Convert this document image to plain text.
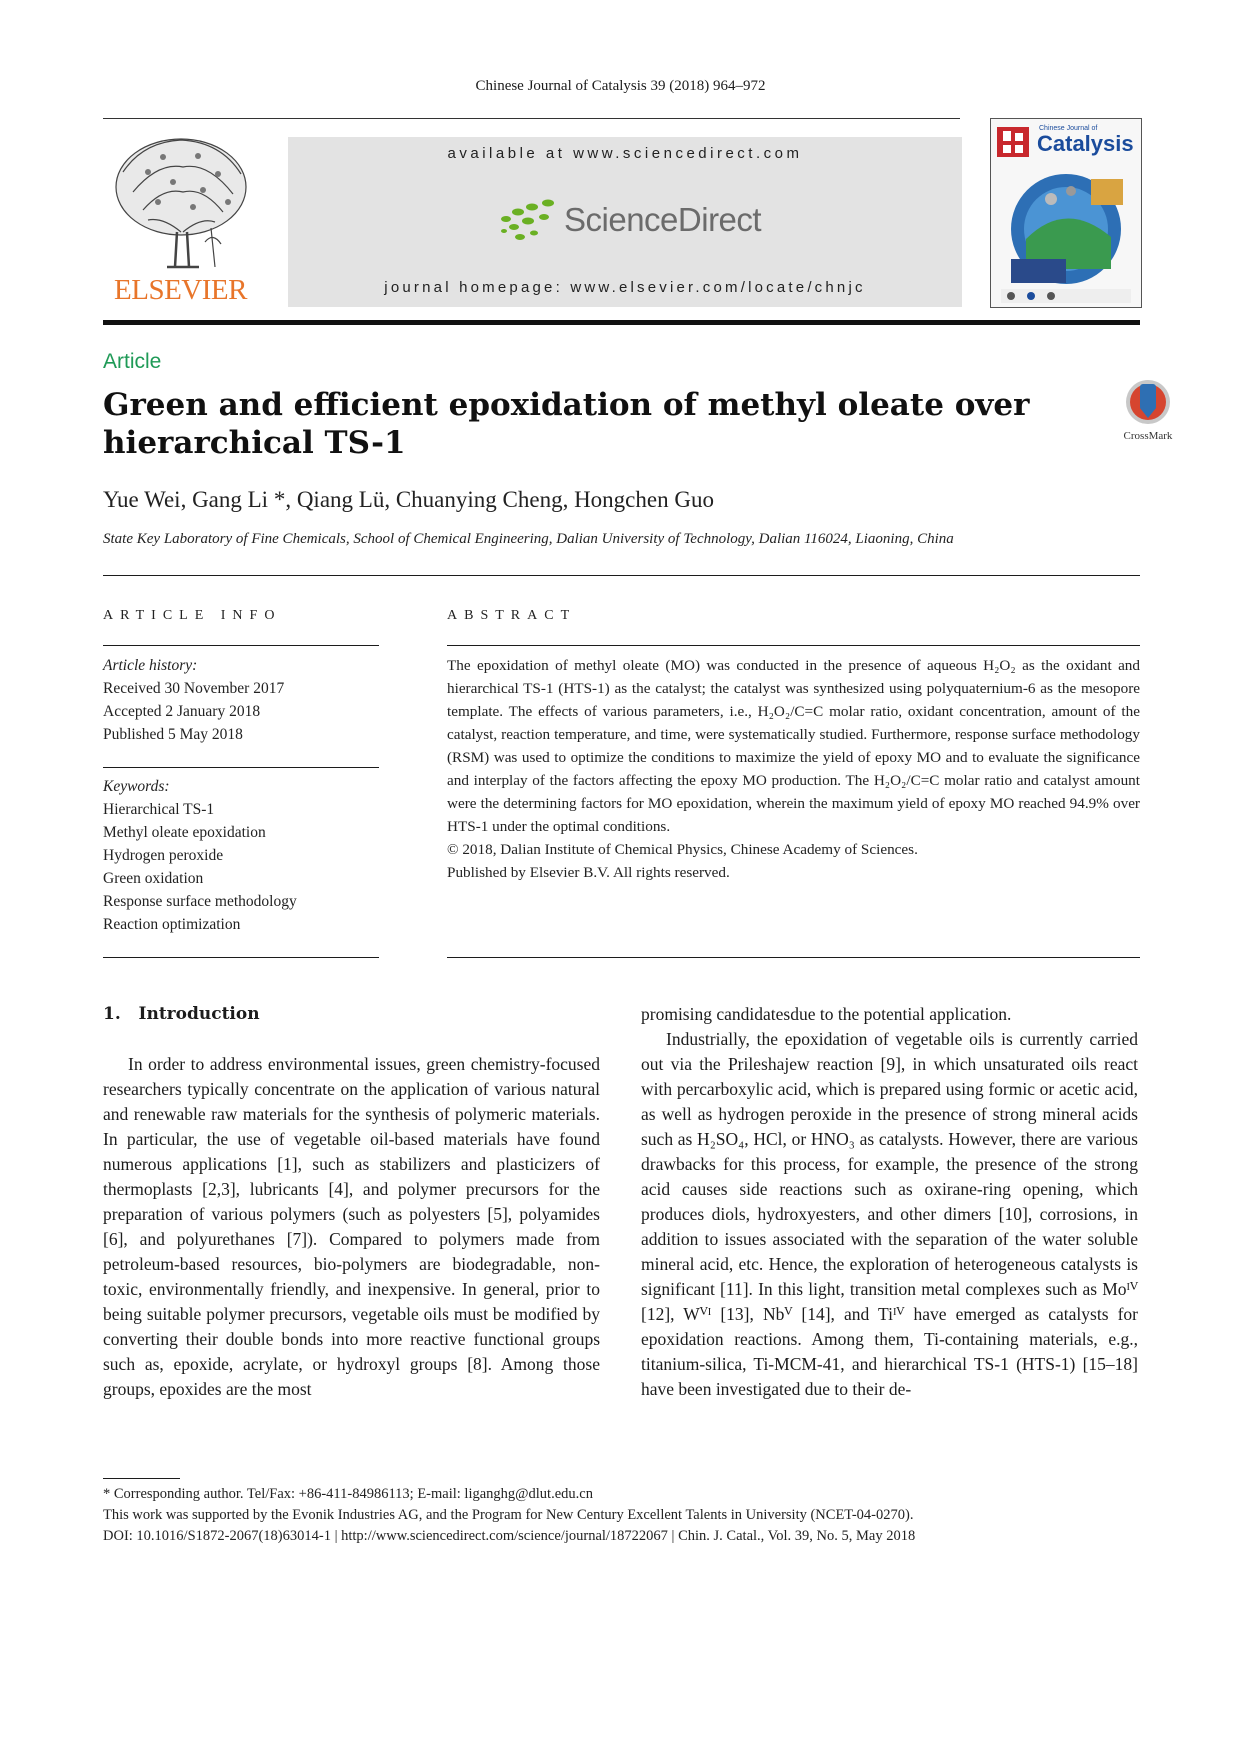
Chinese Journal of Catalysis 39 (2018) 964–972
ELSEVIER
available at www.sciencedirect.com
ScienceDirect
journal homepage: www.elsevier.com/locate/chnjc
Chinese Journal of
Catalysis
Article
Green and efficient epoxidation of methyl oleate over hierarchical TS-1	CrossMark
Yue Wei, Gang Li *, Qiang Lü, Chuanying Cheng, Hongchen Guo
State Key Laboratory of Fine Chemicals, School of Chemical Engineering, Dalian University of Technology, Dalian 116024, Liaoning, China
ARTICLE INFO	ABSTRACT
Article history:
Received 30 November 2017
Accepted 2 January 2018
Published 5 May 2018
Keywords:
Hierarchical TS-1
Methyl oleate epoxidation
Hydrogen peroxide
Green oxidation
Response surface methodology
Reaction optimization

The epoxidation of methyl oleate (MO) was conducted in the presence of aqueous H₂O₂ as the oxidant and hierarchical TS-1 (HTS-1) as the catalyst; the catalyst was synthesized using polyquaternium-6 as the mesopore template. The effects of various parameters, i.e., H₂O₂/C=C molar ratio, oxidant concentration, amount of the catalyst, reaction temperature, and time, were systematically studied. Furthermore, response surface methodology (RSM) was used to optimize the conditions to maximize the yield of epoxy MO and to evaluate the significance and interplay of the factors affecting the epoxy MO production. The H₂O₂/C=C molar ratio and catalyst amount were the determining factors for MO epoxidation, wherein the maximum yield of epoxy MO reached 94.9% over HTS-1 under the optimal conditions.

© 2018, Dalian Institute of Chemical Physics, Chinese Academy of Sciences.

Published by Elsevier B.V. All rights reserved.

1. Introduction

In order to address environmental issues, green chemistry-focused researchers typically concentrate on the application of various natural and renewable raw materials for the synthesis of polymeric materials. In particular, the use of vegetable oil-based materials have found numerous applications [1], such as stabilizers and plasticizers of thermoplasts [2,3], lubricants [4], and polymer precursors for the preparation of various polymers (such as polyesters [5], polyamides [6], and polyurethanes [7]). Compared to polymers made from petroleum-based resources, bio-polymers are biodegradable, non-toxic, environmentally friendly, and inexpensive. In general, prior to being suitable polymer precursors, vegetable oils must be modified by converting their double bonds into more reactive functional groups such as, epoxide, acrylate, or hydroxyl groups [8]. Among those groups, epoxides are the most

promising candidatesdue to the potential application.

Industrially, the epoxidation of vegetable oils is currently carried out via the Prileshajew reaction [9], in which unsaturated oils react with percarboxylic acid, which is prepared using formic or acetic acid, as well as hydrogen peroxide in the presence of strong mineral acids such as H₂SO₄, HCl, or HNO₃ as catalysts. However, there are various drawbacks for this process, for example, the presence of the strong acid causes side reactions such as oxirane-ring opening, which produces diols, hydroxyesters, and other dimers [10], corrosions, in addition to issues associated with the separation of the water soluble mineral acid, etc. Hence, the exploration of heterogeneous catalysts is significant [11]. In this light, transition metal complexes such as Moᴵⱽ [12], Wⱽᴵ [13], Nbⱽ [14], and Tiᴵⱽ have emerged as catalysts for epoxidation reactions. Among them, Ti-containing materials, e.g., titanium-silica, Ti-MCM-41, and hierarchical TS-1 (HTS-1) [15–18] have been investigated due to their de-

* Corresponding author. Tel/Fax: +86-411-84986113; E-mail: liganghg@dlut.edu.cn
This work was supported by the Evonik Industries AG, and the Program for New Century Excellent Talents in University (NCET-04-0270).
DOI: 10.1016/S1872-2067(18)63014-1 | http://www.sciencedirect.com/science/journal/18722067 | Chin. J. Catal., Vol. 39, No. 5, May 2018
